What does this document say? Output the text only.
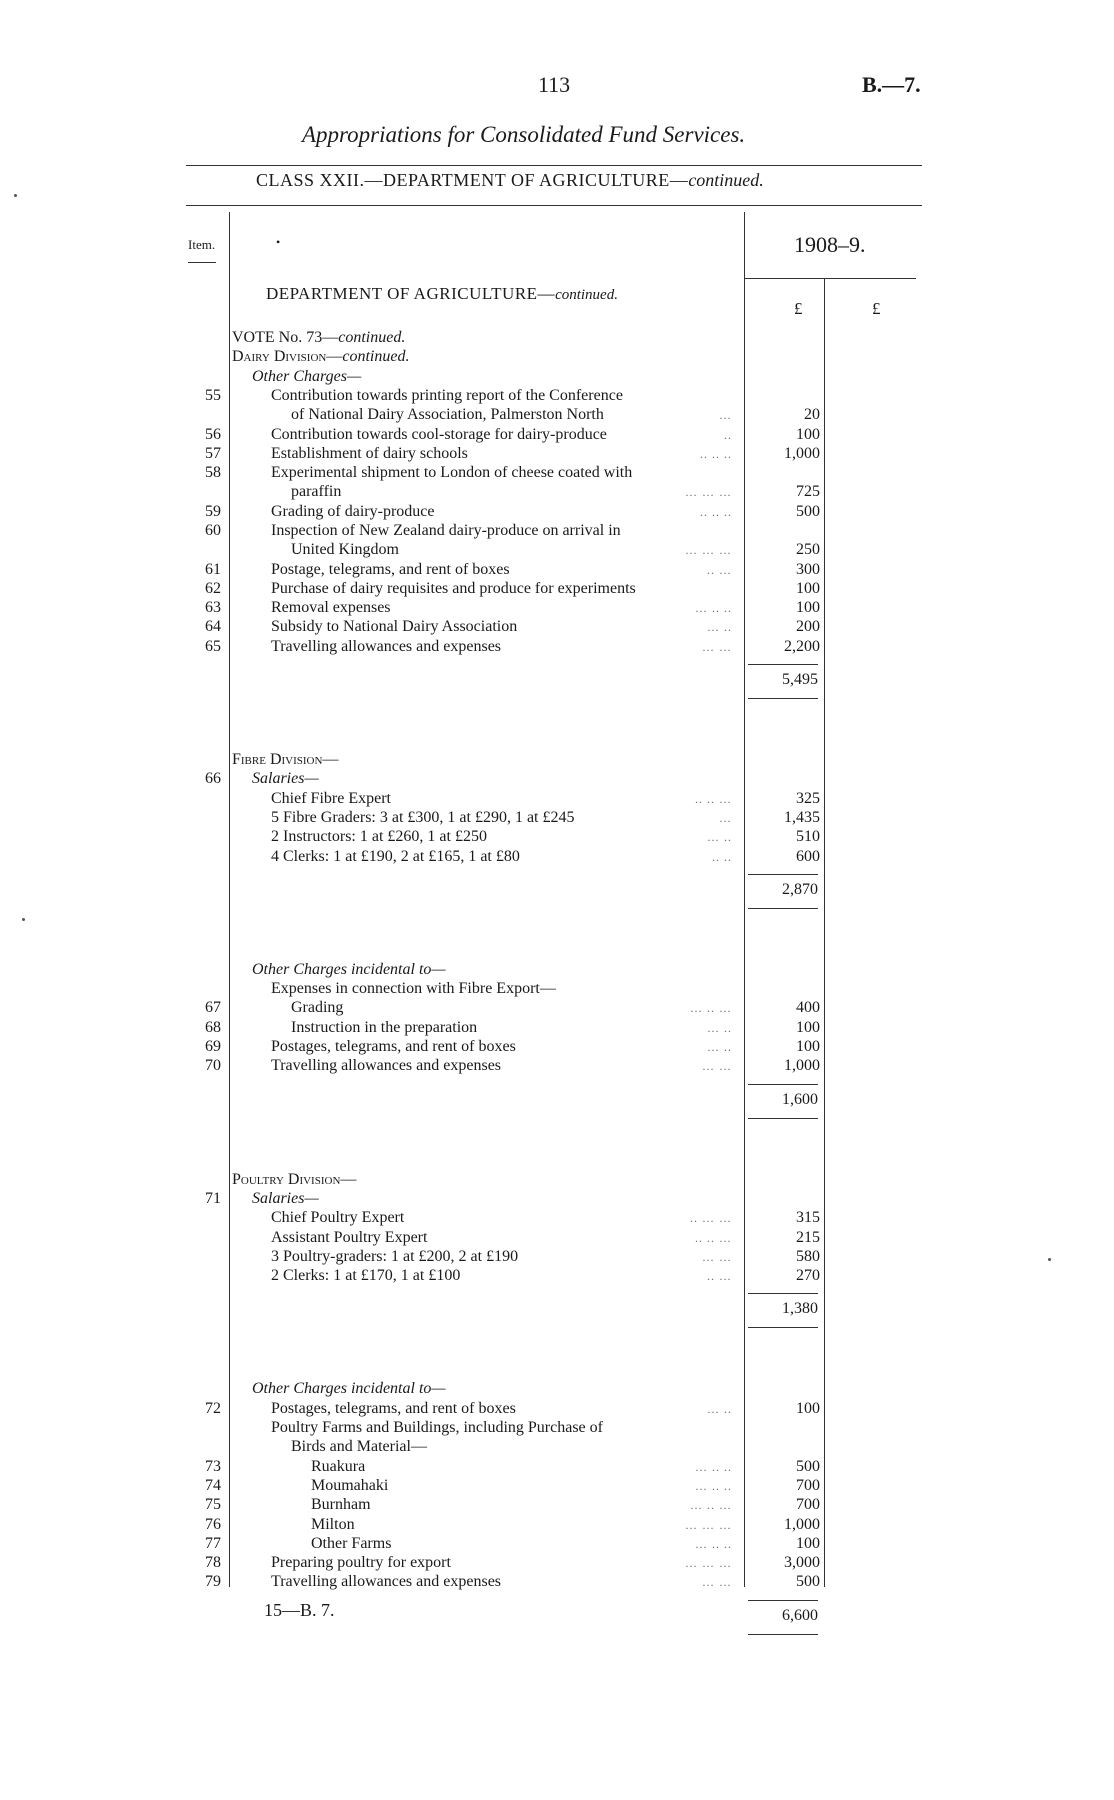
113	B.—7.
Appropriations for Consolidated Fund Services.
CLASS XXII.—DEPARTMENT OF AGRICULTURE—continued.
Item.	•	1908–9.
£	£
DEPARTMENT OF AGRICULTURE—continued.
VOTE No. 73—continued.
Dairy Division—continued.
Other Charges—
55	Contribution towards printing report of the Conference
of National Dairy Association, Palmerston North	…	20
56	Contribution towards cool-storage for dairy-produce	..	100
57	Establishment of dairy schools	.. .. ..	1,000
58	Experimental shipment to London of cheese coated with
paraffin	… … …	725
59	Grading of dairy-produce	.. .. ..	500
60	Inspection of New Zealand dairy-produce on arrival in
United Kingdom	… … …	250
61	Postage, telegrams, and rent of boxes	.. …	300
62	Purchase of dairy requisites and produce for experiments	100
63	Removal expenses	… .. ..	100
64	Subsidy to National Dairy Association	… ..	200
65	Travelling allowances and expenses	… …	2,200
5,495
Fibre Division—
66	Salaries—
Chief Fibre Expert	.. .. …	325
5 Fibre Graders: 3 at £300, 1 at £290, 1 at £245	…	1,435
2 Instructors: 1 at £260, 1 at £250	… ..	510
4 Clerks: 1 at £190, 2 at £165, 1 at £80	.. ..	600
2,870
Other Charges incidental to—
Expenses in connection with Fibre Export—
67	Grading	… .. …	400
68	Instruction in the preparation	… ..	100
69	Postages, telegrams, and rent of boxes	… ..	100
70	Travelling allowances and expenses	… …	1,000
1,600
Poultry Division—
71	Salaries—
Chief Poultry Expert	.. … …	315
Assistant Poultry Expert	.. .. …	215
3 Poultry-graders: 1 at £200, 2 at £190	… …	580
2 Clerks: 1 at £170, 1 at £100	.. …	270
1,380
Other Charges incidental to—
72	Postages, telegrams, and rent of boxes	… ..	100
Poultry Farms and Buildings, including Purchase of
Birds and Material—
73	Ruakura	… .. ..	500
74	Moumahaki	… .. ..	700
75	Burnham	… .. …	700
76	Milton	… … …	1,000
77	Other Farms	… .. ..	100
78	Preparing poultry for export	… … …	3,000
79	Travelling allowances and expenses	… …	500
6,600
15—B. 7.
